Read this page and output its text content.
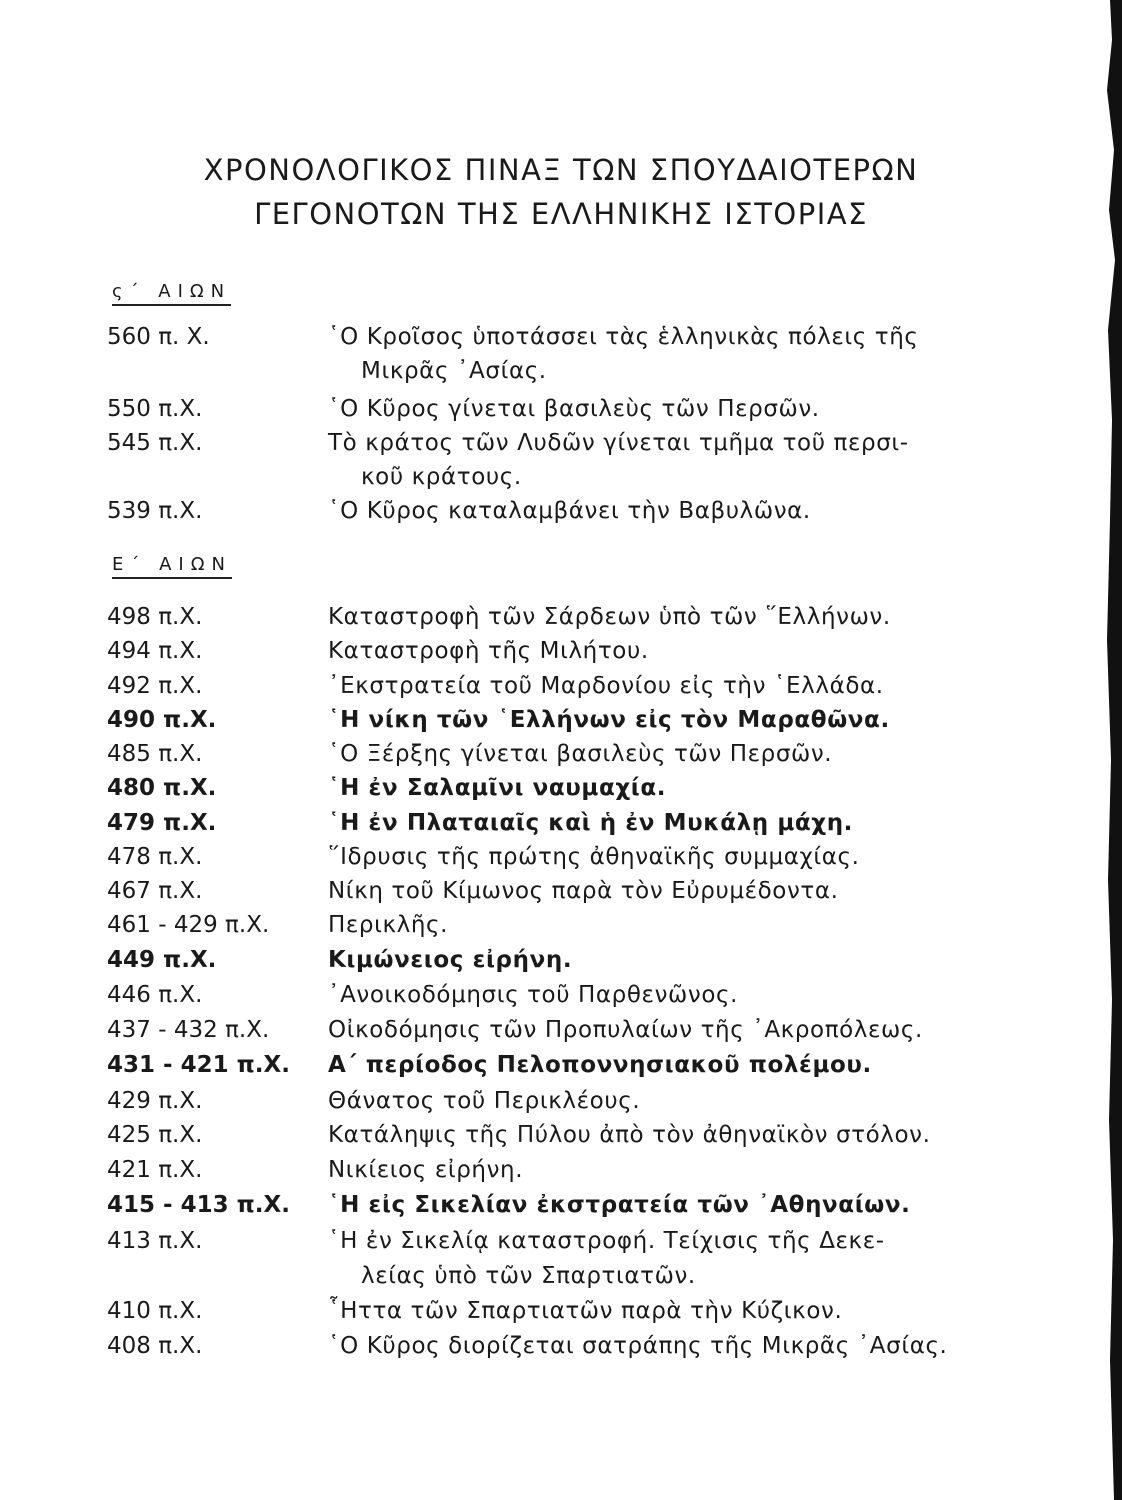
ΧΡΟΝΟΛΟΓΙΚΟΣ ΠΙΝΑΞ ΤΩΝ ΣΠΟΥΔΑΙΟΤΕΡΩΝ
ΓΕΓΟΝΟΤΩΝ ΤΗΣ ΕΛΛΗΝΙΚΗΣ ΙΣΤΟΡΙΑΣ
ς΄ ΑΙΩΝ
560 π. Χ.	῾Ο Κροῖσος ὑποτάσσει τὰς ἑλληνικὰς πόλεις τῆς
Μικρᾶς ᾿Ασίας.
550 π.Χ.	῾Ο Κῦρος γίνεται βασιλεὺς τῶν Περσῶν.
545 π.Χ.	Τὸ κράτος τῶν Λυδῶν γίνεται τμῆμα τοῦ περσι-
κοῦ κράτους.
539 π.Χ.	῾Ο Κῦρος καταλαμβάνει τὴν Βαβυλῶνα.
Ε΄ ΑΙΩΝ
498 π.Χ.	Καταστροφὴ τῶν Σάρδεων ὑπὸ τῶν ῞Ελλήνων.
494 π.Χ.	Καταστροφὴ τῆς Μιλήτου.
492 π.Χ.	᾿Εκστρατεία τοῦ Μαρδονίου εἰς τὴν ῾Ελλάδα.
490 π.Χ.	῾Η νίκη τῶν ῾Ελλήνων εἰς τὸν Μαραθῶνα.
485 π.Χ.	῾Ο Ξέρξης γίνεται βασιλεὺς τῶν Περσῶν.
480 π.Χ.	῾Η ἐν Σαλαμῖνι ναυμαχία.
479 π.Χ.	῾Η ἐν Πλαταιαῖς καὶ ἡ ἐν Μυκάλῃ μάχη.
478 π.Χ.	῞Ιδρυσις τῆς πρώτης ἀθηναϊκῆς συμμαχίας.
467 π.Χ.	Νίκη τοῦ Κίμωνος παρὰ τὸν Εὐρυμέδοντα.
461 - 429 π.Χ.	Περικλῆς.
449 π.Χ.	Κιμώνειος εἰρήνη.
446 π.Χ.	᾿Ανοικοδόμησις τοῦ Παρθενῶνος.
437 - 432 π.Χ.	Οἰκοδόμησις τῶν Προπυλαίων τῆς ᾿Ακροπόλεως.
431 - 421 π.Χ. Α΄ περίοδος Πελοποννησιακοῦ πολέμου.
429 π.Χ.	Θάνατος τοῦ Περικλέους.
425 π.Χ.	Κατάληψις τῆς Πύλου ἀπὸ τὸν ἀθηναϊκὸν στόλον.
421 π.Χ.	Νικίειος εἰρήνη.
415 - 413 π.Χ. ῾Η εἰς Σικελίαν ἐκστρατεία τῶν ᾿Αθηναίων.
413 π.Χ.	῾Η ἐν Σικελίᾳ καταστροφή. Τείχισις τῆς Δεκε-
λείας ὑπὸ τῶν Σπαρτιατῶν.
410 π.Χ.	῟Ηττα τῶν Σπαρτιατῶν παρὰ τὴν Κύζικον.
408 π.Χ.	῾Ο Κῦρος διορίζεται σατράπης τῆς Μικρᾶς ᾿Ασίας.
